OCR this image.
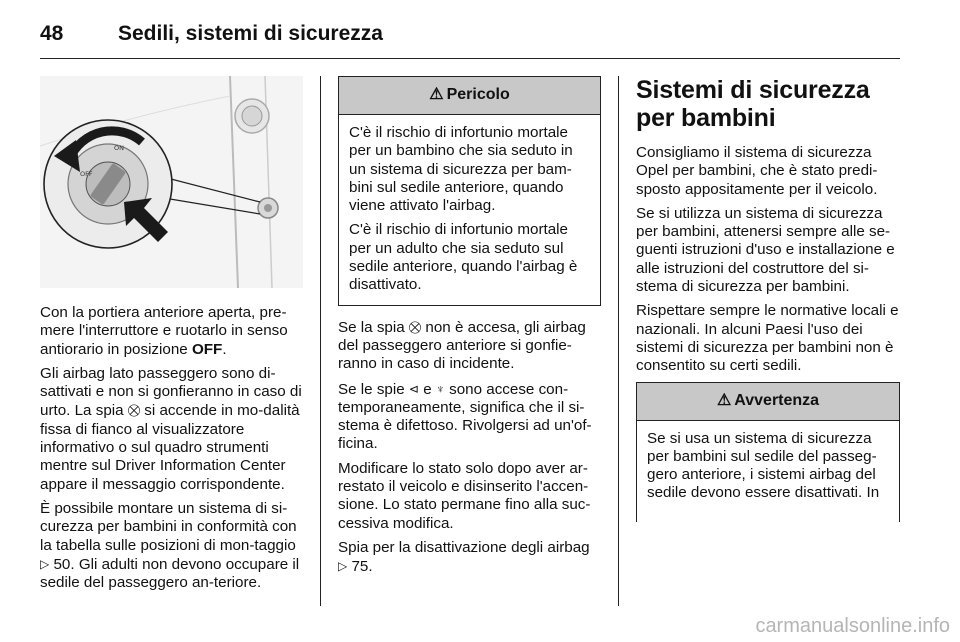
48	Sedili, sistemi di sicurezza
ON
OFF

Con la portiera anteriore aperta, pre-mere l'interruttore e ruotarlo in senso antiorario in posizione OFF.

Gli airbag lato passeggero sono di-sattivati e non si gonfieranno in caso di urto. La spia ⛒ si accende in mo-dalità fissa di fianco al visualizzatore informativo o sul quadro strumenti mentre sul Driver Information Center appare il messaggio corrispondente.

È possibile montare un sistema di si-curezza per bambini in conformità con la tabella sulle posizioni di mon-taggio ▷ 50. Gli adulti non devono occupare il sedile del passeggero an-teriore.

⚠ Pericolo

C'è il rischio di infortunio mortale per un bambino che sia seduto in un sistema di sicurezza per bam-bini sul sedile anteriore, quando viene attivato l'airbag.

C'è il rischio di infortunio mortale per un adulto che sia seduto sul sedile anteriore, quando l'airbag è disattivato.

Se la spia ⛒ non è accesa, gli airbag del passeggero anteriore si gonfie-ranno in caso di incidente.

Se le spie ⊲ e ♆ sono accese con-temporaneamente, significa che il si-stema è difettoso. Rivolgersi ad un'of-ficina.

Modificare lo stato solo dopo aver ar-restato il veicolo e disinserito l'accen-sione. Lo stato permane fino alla suc-cessiva modifica.

Spia per la disattivazione degli airbag
▷ 75.

Sistemi di sicurezza per bambini

Consigliamo il sistema di sicurezza Opel per bambini, che è stato predi-sposto appositamente per il veicolo.

Se si utilizza un sistema di sicurezza per bambini, attenersi sempre alle se-guenti istruzioni d'uso e installazione e alle istruzioni del costruttore del si-stema di sicurezza per bambini.

Rispettare sempre le normative locali e nazionali. In alcuni Paesi l'uso dei sistemi di sicurezza per bambini non è consentito su certi sedili.

⚠ Avvertenza

Se si usa un sistema di sicurezza per bambini sul sedile del passeg-gero anteriore, i sistemi airbag del sedile devono essere disattivati. In

carmanualsonline.info
